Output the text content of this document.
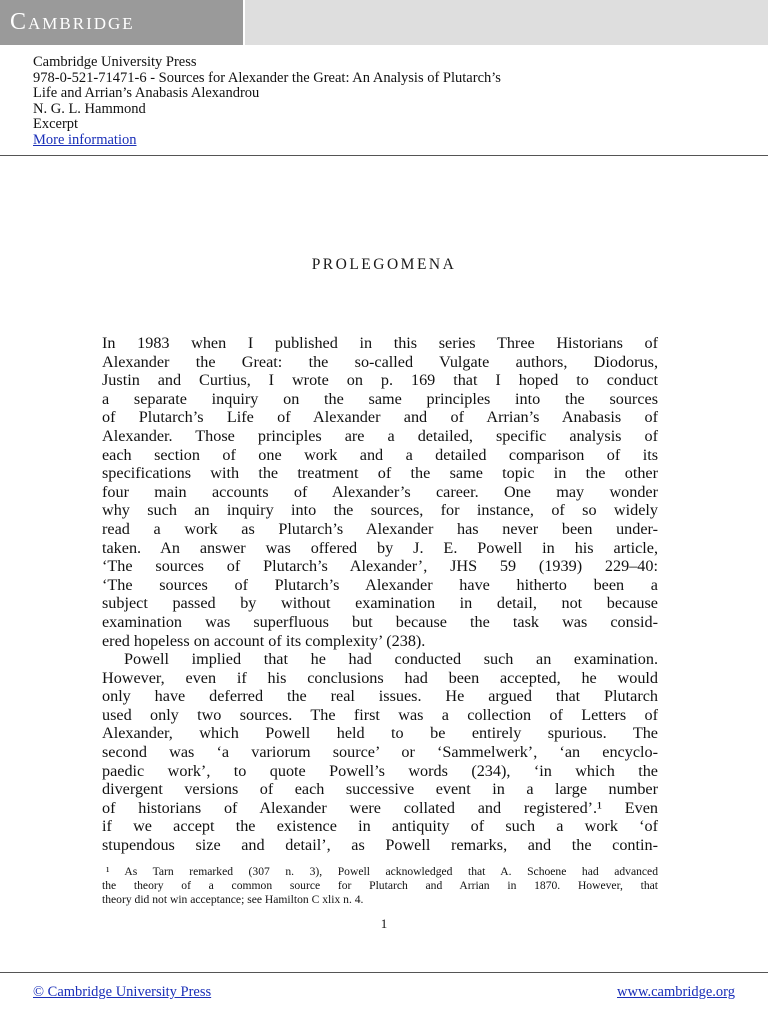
Cambridge
Cambridge University Press
978-0-521-71471-6 - Sources for Alexander the Great: An Analysis of Plutarch’s
Life and Arrian’s Anabasis Alexandrou
N. G. L. Hammond
Excerpt
More information
PROLEGOMENA
In 1983 when I published in this series Three Historians of
Alexander the Great: the so-called Vulgate authors, Diodorus,
Justin and Curtius, I wrote on p. 169 that I hoped to conduct
a separate inquiry on the same principles into the sources
of Plutarch’s Life of Alexander and of Arrian’s Anabasis of
Alexander. Those principles are a detailed, specific analysis of
each section of one work and a detailed comparison of its
specifications with the treatment of the same topic in the other
four main accounts of Alexander’s career. One may wonder
why such an inquiry into the sources, for instance, of so widely
read a work as Plutarch’s Alexander has never been under-
taken. An answer was offered by J. E. Powell in his article,
‘The sources of Plutarch’s Alexander’, JHS 59 (1939) 229–40:
‘The sources of Plutarch’s Alexander have hitherto been a
subject passed by without examination in detail, not because
examination was superfluous but because the task was consid-
ered hopeless on account of its complexity’ (238).
Powell implied that he had conducted such an examination.
However, even if his conclusions had been accepted, he would
only have deferred the real issues. He argued that Plutarch
used only two sources. The first was a collection of Letters of
Alexander, which Powell held to be entirely spurious. The
second was ‘a variorum source’ or ‘Sammelwerk’, ‘an encyclo-
paedic work’, to quote Powell’s words (234), ‘in which the
divergent versions of each successive event in a large number
of historians of Alexander were collated and registered’.¹ Even
if we accept the existence in antiquity of such a work ‘of
stupendous size and detail’, as Powell remarks, and the contin-
¹ As Tarn remarked (307 n. 3), Powell acknowledged that A. Schoene had advanced
the theory of a common source for Plutarch and Arrian in 1870. However, that
theory did not win acceptance; see Hamilton C xlix n. 4.
1
© Cambridge University Press	www.cambridge.org
